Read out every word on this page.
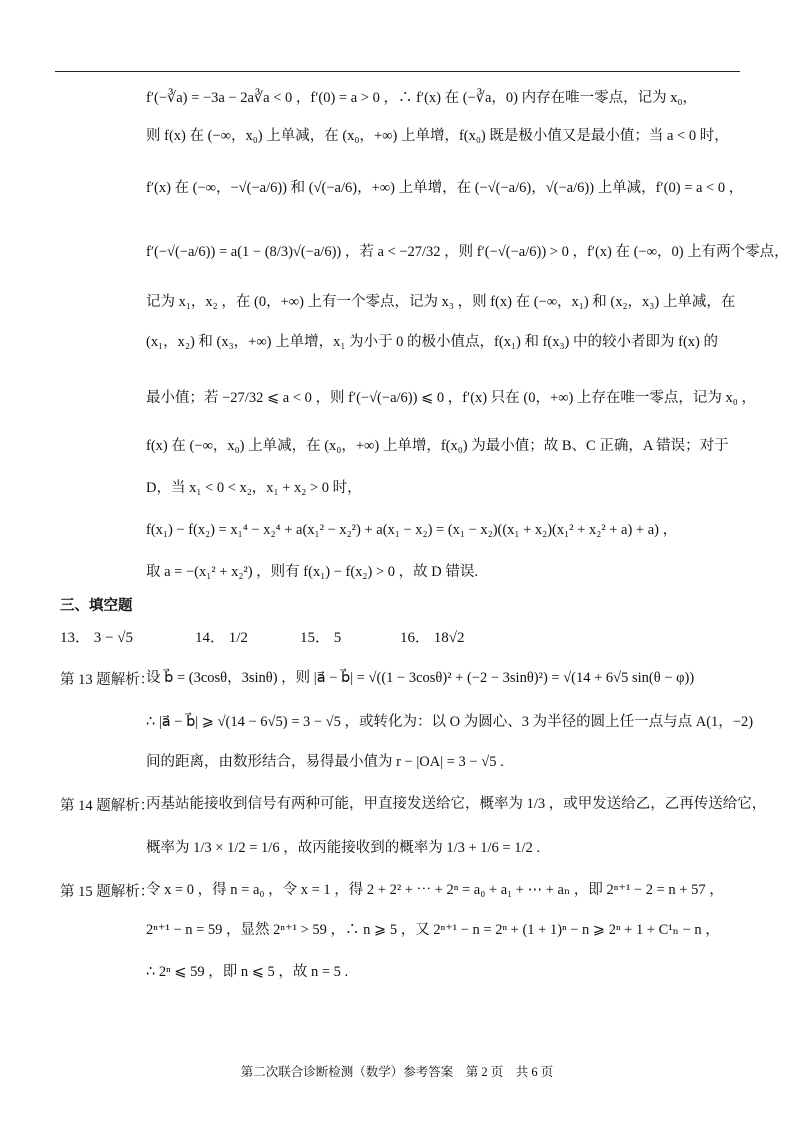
f′(−∛a) = −3a − 2a∛a < 0 ，f′(0) = a > 0 ，∴ f′(x) 在 (−∛a，0) 内存在唯一零点，记为 x₀，
则 f(x) 在 (−∞，x₀) 上单减，在 (x₀，+∞) 上单增，f(x₀) 既是极小值又是最小值；当 a < 0 时，
f′(x) 在 (−∞，−√(−a/6)) 和 (√(−a/6)，+∞) 上单增，在 (−√(−a/6)，√(−a/6)) 上单减，f′(0) = a < 0 ，
f′(−√(−a/6)) = a(1 − (8/3)√(−a/6)) ，若 a < −27/32 ，则 f′(−√(−a/6)) > 0 ，f′(x) 在 (−∞，0) 上有两个零点，
记为 x₁，x₂ ，在 (0，+∞) 上有一个零点，记为 x₃ ，则 f(x) 在 (−∞，x₁) 和 (x₂，x₃) 上单减，在
(x₁，x₂) 和 (x₃，+∞) 上单增，x₁ 为小于 0 的极小值点，f(x₁) 和 f(x₃) 中的较小者即为 f(x) 的
最小值；若 −27/32 ⩽ a < 0 ，则 f′(−√(−a/6)) ⩽ 0 ，f′(x) 只在 (0，+∞) 上存在唯一零点，记为 x₀ ，
f(x) 在 (−∞，x₀) 上单减，在 (x₀，+∞) 上单增，f(x₀) 为最小值；故 B、C 正确，A 错误；对于
D，当 x₁ < 0 < x₂，x₁ + x₂ > 0 时，
f(x₁) − f(x₂) = x₁⁴ − x₂⁴ + a(x₁² − x₂²) + a(x₁ − x₂) = (x₁ − x₂)((x₁ + x₂)(x₁² + x₂² + a) + a) ，
取 a = −(x₁² + x₂²) ，则有 f(x₁) − f(x₂) > 0 ，故 D 错误.
三、填空题
13． 3 − √5	14． 1/2	15． 5	16． 18√2
第 13 题解析：
设 b⃗ = (3cosθ，3sinθ) ，则 |a⃗ − b⃗| = √((1 − 3cosθ)² + (−2 − 3sinθ)²) = √(14 + 6√5 sin(θ − φ))
∴ |a⃗ − b⃗| ⩾ √(14 − 6√5) = 3 − √5 ，或转化为：以 O 为圆心、3 为半径的圆上任一点与点 A(1，−2)
间的距离，由数形结合，易得最小值为 r − |OA| = 3 − √5 .
第 14 题解析：
丙基站能接收到信号有两种可能，甲直接发送给它，概率为 1/3 ，或甲发送给乙，乙再传送给它，
概率为 1/3 × 1/2 = 1/6 ，故丙能接收到的概率为 1/3 + 1/6 = 1/2 .
第 15 题解析：
令 x = 0 ，得 n = a₀ ，令 x = 1 ，得 2 + 2² + ⋯ + 2ⁿ = a₀ + a₁ + ⋯ + aₙ ，即 2ⁿ⁺¹ − 2 = n + 57 ，
2ⁿ⁺¹ − n = 59 ，显然 2ⁿ⁺¹ > 59 ，∴ n ⩾ 5 ，又 2ⁿ⁺¹ − n = 2ⁿ + (1 + 1)ⁿ − n ⩾ 2ⁿ + 1 + C¹ₙ − n ，
∴ 2ⁿ ⩽ 59 ，即 n ⩽ 5 ，故 n = 5 .
第二次联合诊断检测（数学）参考答案　第 2 页　共 6 页
